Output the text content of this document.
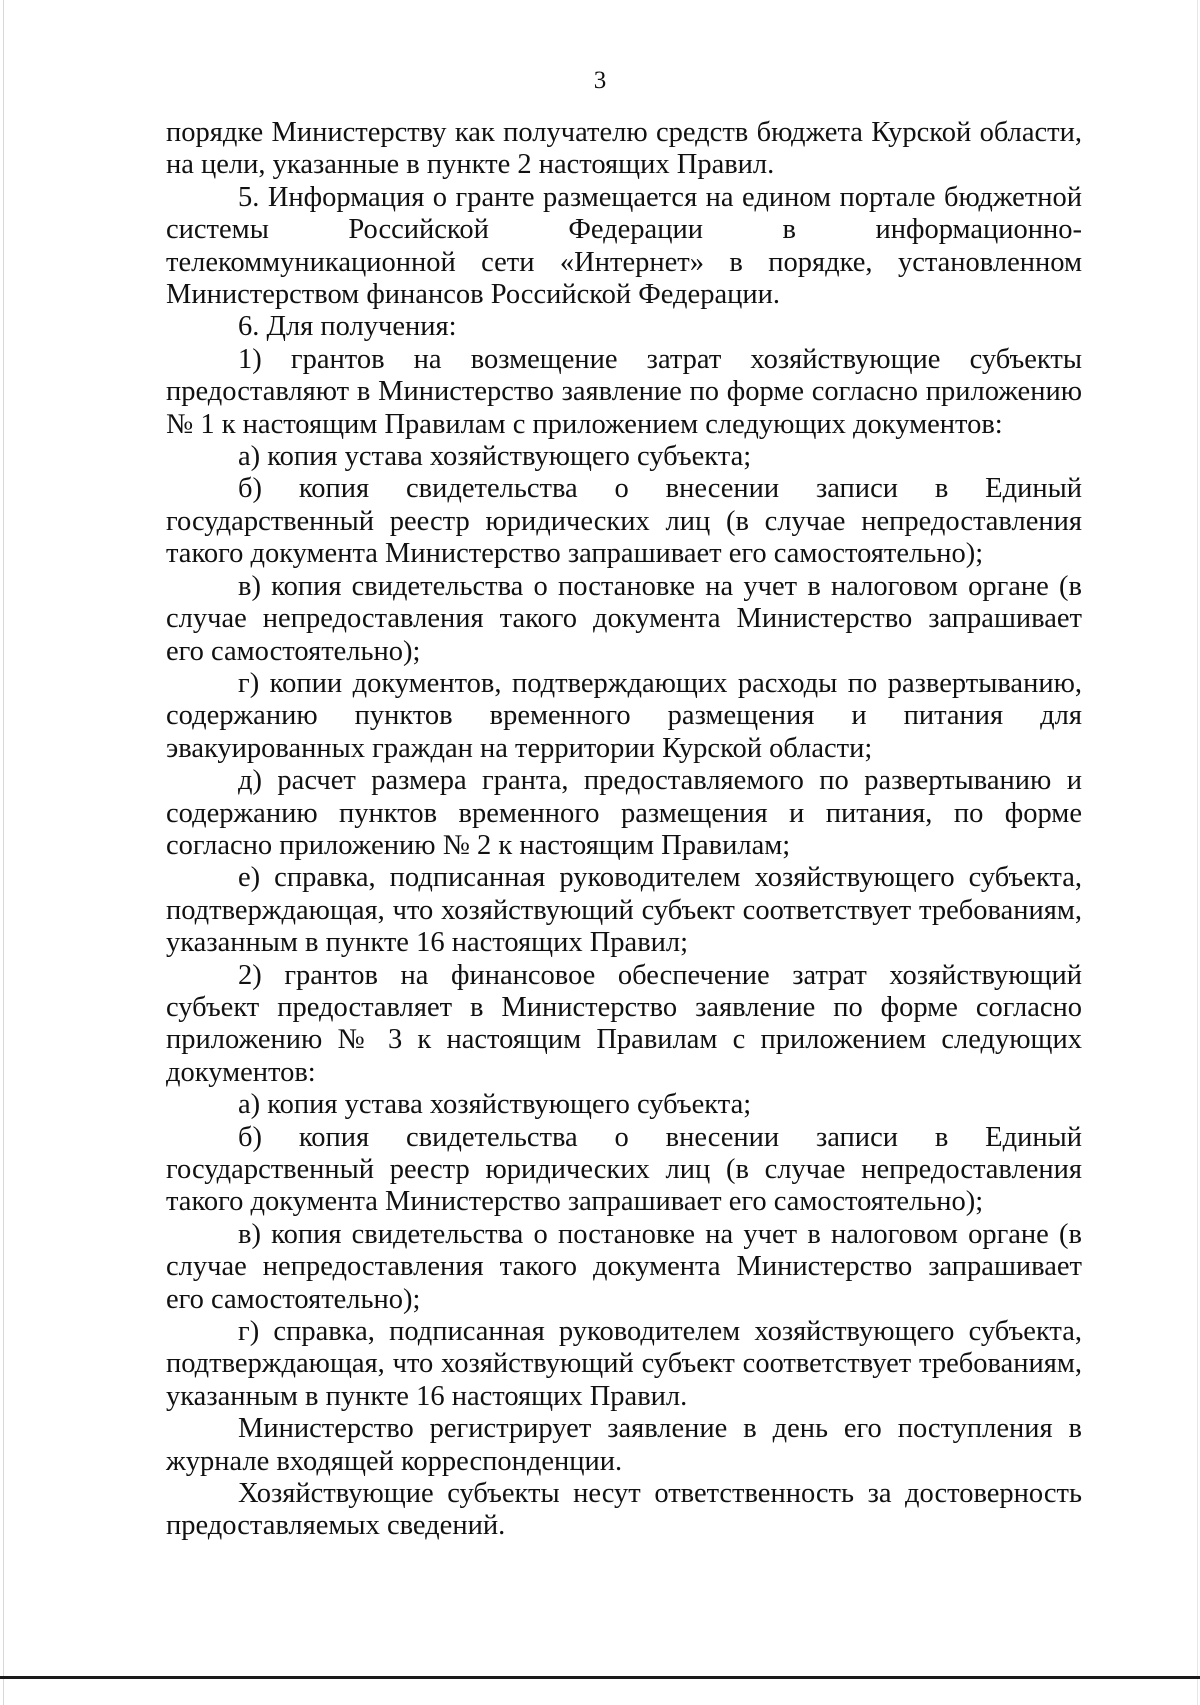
3

порядке Министерству как получателю средств бюджета Курской области, на цели, указанные в пункте 2 настоящих Правил.

5. Информация о гранте размещается на едином портале бюджетной системы Российской Федерации в информационно-телекоммуникационной сети «Интернет» в порядке, установленном Министерством финансов Российской Федерации.

6. Для получения:

1) грантов на возмещение затрат хозяйствующие субъекты предоставляют в Министерство заявление по форме согласно приложению № 1 к настоящим Правилам с приложением следующих документов:

а) копия устава хозяйствующего субъекта;

б) копия свидетельства о внесении записи в Единый государственный реестр юридических лиц (в случае непредоставления такого документа Министерство запрашивает его самостоятельно);

в) копия свидетельства о постановке на учет в налоговом органе (в случае непредоставления такого документа Министерство запрашивает его самостоятельно);

г) копии документов, подтверждающих расходы по развертыванию, содержанию пунктов временного размещения и питания для эвакуированных граждан на территории Курской области;

д) расчет размера гранта, предоставляемого по развертыванию и содержанию пунктов временного размещения и питания, по форме согласно приложению № 2 к настоящим Правилам;

е) справка, подписанная руководителем хозяйствующего субъекта, подтверждающая, что хозяйствующий субъект соответствует требованиям, указанным в пункте 16 настоящих Правил;

2) грантов на финансовое обеспечение затрат хозяйствующий субъект предоставляет в Министерство заявление по форме согласно приложению № 3 к настоящим Правилам с приложением следующих документов:

а) копия устава хозяйствующего субъекта;

б) копия свидетельства о внесении записи в Единый государственный реестр юридических лиц (в случае непредоставления такого документа Министерство запрашивает его самостоятельно);

в) копия свидетельства о постановке на учет в налоговом органе (в случае непредоставления такого документа Министерство запрашивает его самостоятельно);

г) справка, подписанная руководителем хозяйствующего субъекта, подтверждающая, что хозяйствующий субъект соответствует требованиям, указанным в пункте 16 настоящих Правил.

Министерство регистрирует заявление в день его поступления в журнале входящей корреспонденции.

Хозяйствующие субъекты несут ответственность за достоверность предоставляемых сведений.
